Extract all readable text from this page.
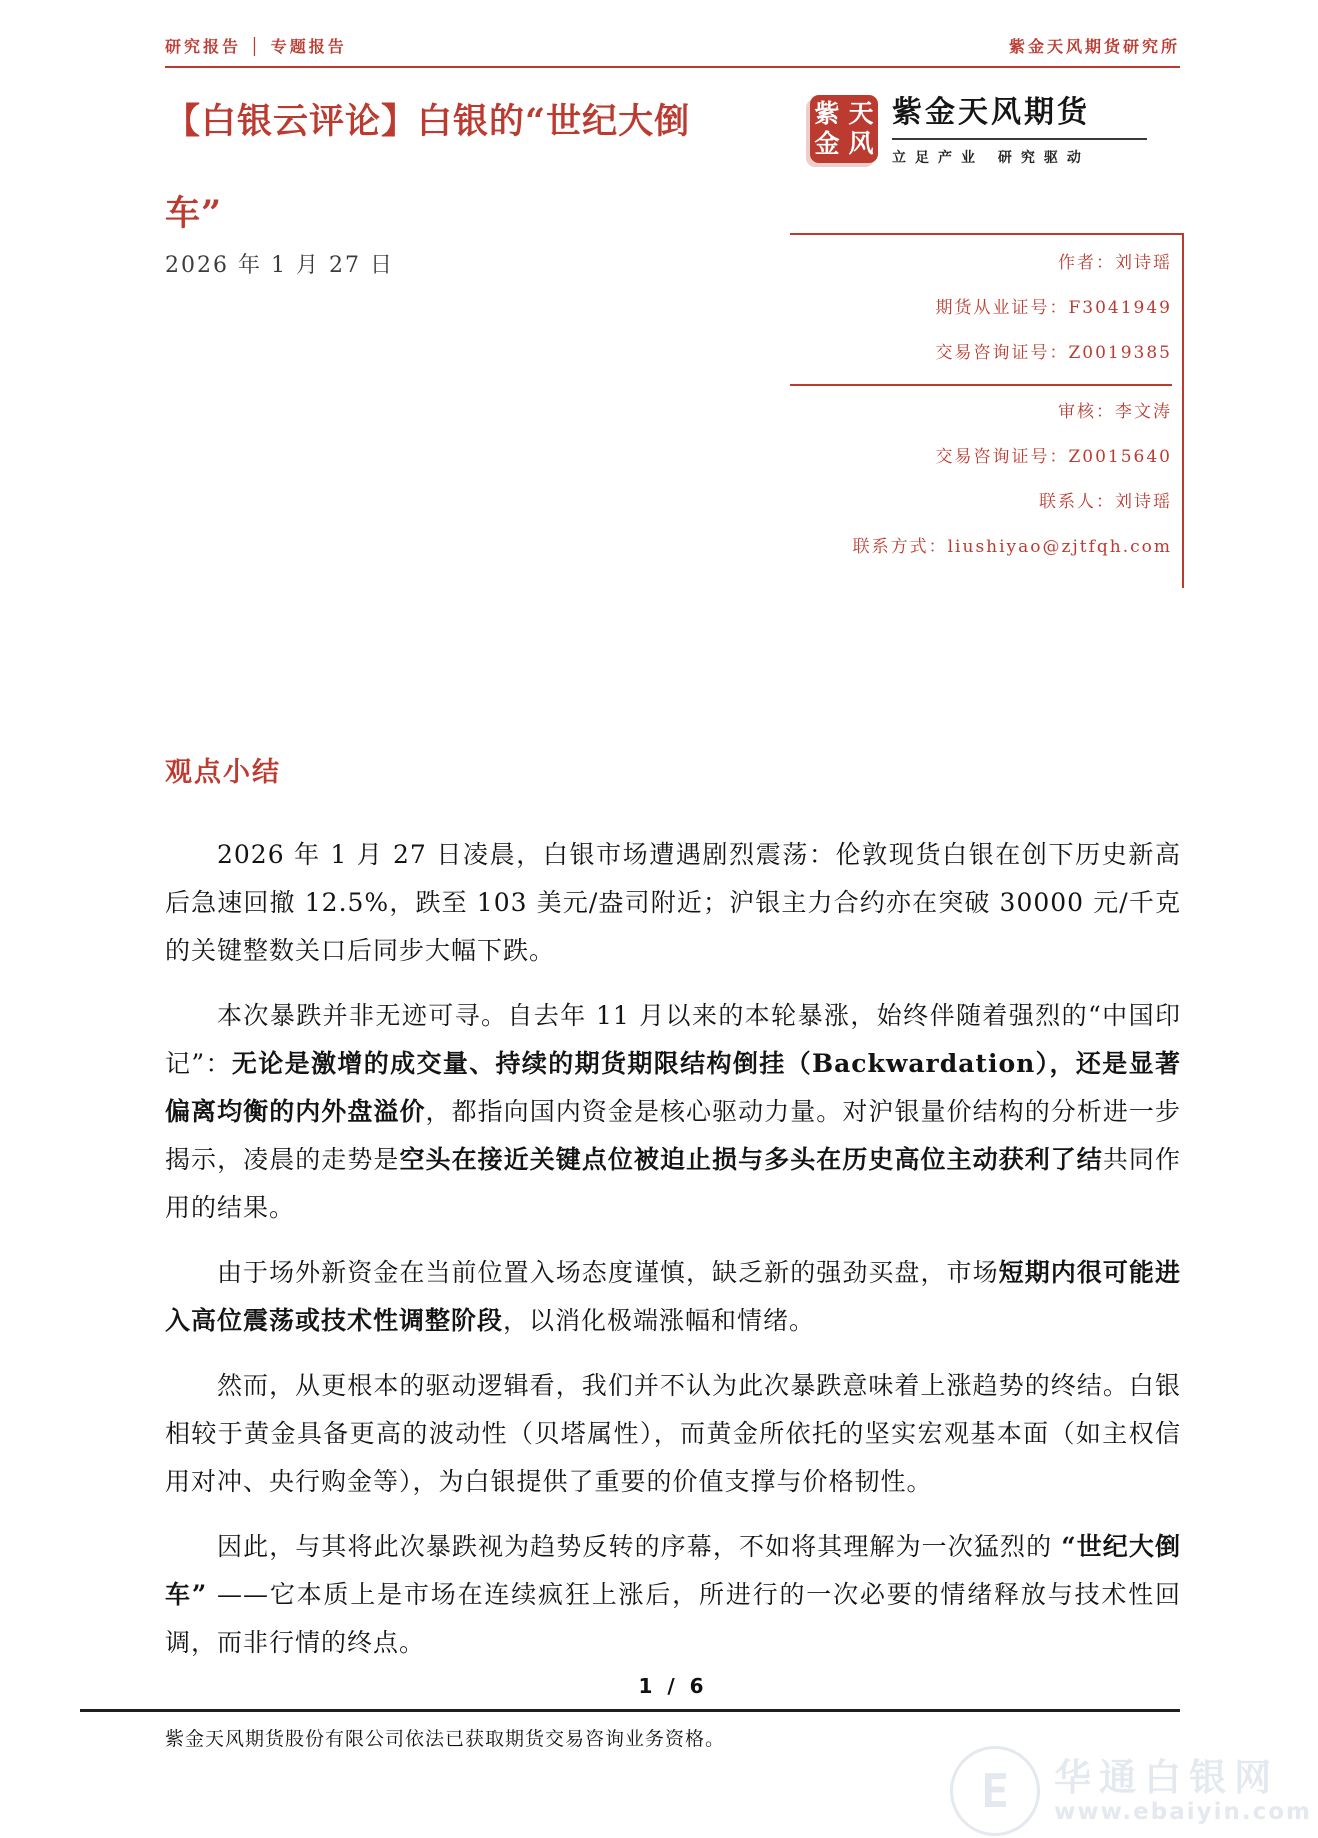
研究报告 │ 专题报告	紫金天风期货研究所
【白银云评论】白银的“世纪大倒车”
2026 年 1 月 27 日
紫 天
金 风
紫金天风期货
立足产业 研究驱动
作者：刘诗瑶
期货从业证号：F3041949
交易咨询证号：Z0019385
审核：李文涛
交易咨询证号：Z0015640
联系人：刘诗瑶
联系方式：liushiyao@zjtfqh.com
观点小结

2026 年 1 月 27 日凌晨，白银市场遭遇剧烈震荡：伦敦现货白银在创下历史新高后急速回撤 12.5%，跌至 103 美元/盎司附近；沪银主力合约亦在突破 30000 元/千克的关键整数关口后同步大幅下跌。

本次暴跌并非无迹可寻。自去年 11 月以来的本轮暴涨，始终伴随着强烈的“中国印记”：无论是激增的成交量、持续的期货期限结构倒挂（Backwardation），还是显著偏离均衡的内外盘溢价，都指向国内资金是核心驱动力量。对沪银量价结构的分析进一步揭示，凌晨的走势是空头在接近关键点位被迫止损与多头在历史高位主动获利了结共同作用的结果。

由于场外新资金在当前位置入场态度谨慎，缺乏新的强劲买盘，市场短期内很可能进入高位震荡或技术性调整阶段，以消化极端涨幅和情绪。

然而，从更根本的驱动逻辑看，我们并不认为此次暴跌意味着上涨趋势的终结。白银相较于黄金具备更高的波动性（贝塔属性），而黄金所依托的坚实宏观基本面（如主权信用对冲、央行购金等），为白银提供了重要的价值支撑与价格韧性。

因此，与其将此次暴跌视为趋势反转的序幕，不如将其理解为一次猛烈的 “世纪大倒车” ——它本质上是市场在连续疯狂上涨后，所进行的一次必要的情绪释放与技术性回调，而非行情的终点。

1 / 6
紫金天风期货股份有限公司依法已获取期货交易咨询业务资格。
E	华通白银网
www.ebaiyin.com
